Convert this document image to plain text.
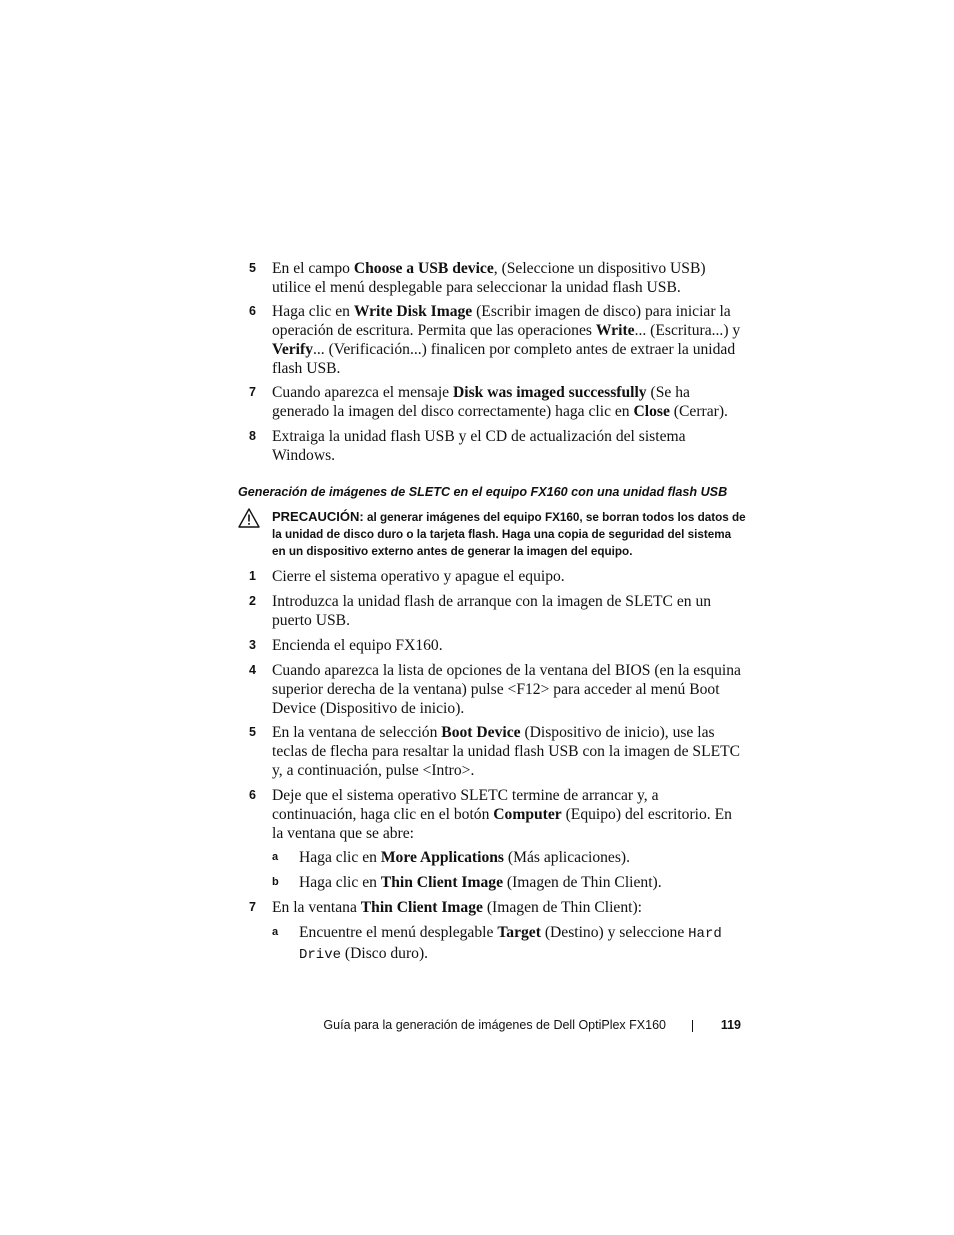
5 En el campo Choose a USB device, (Seleccione un dispositivo USB) utilice el menú desplegable para seleccionar la unidad flash USB.
6 Haga clic en Write Disk Image (Escribir imagen de disco) para iniciar la operación de escritura. Permita que las operaciones Write... (Escritura...) y Verify... (Verificación...) finalicen por completo antes de extraer la unidad flash USB.
7 Cuando aparezca el mensaje Disk was imaged successfully (Se ha generado la imagen del disco correctamente) haga clic en Close (Cerrar).
8 Extraiga la unidad flash USB y el CD de actualización del sistema Windows.
Generación de imágenes de SLETC en el equipo FX160 con una unidad flash USB
PRECAUCIÓN: al generar imágenes del equipo FX160, se borran todos los datos de la unidad de disco duro o la tarjeta flash. Haga una copia de seguridad del sistema en un dispositivo externo antes de generar la imagen del equipo.
1 Cierre el sistema operativo y apague el equipo.
2 Introduzca la unidad flash de arranque con la imagen de SLETC en un puerto USB.
3 Encienda el equipo FX160.
4 Cuando aparezca la lista de opciones de la ventana del BIOS (en la esquina superior derecha de la ventana) pulse <F12> para acceder al menú Boot Device (Dispositivo de inicio).
5 En la ventana de selección Boot Device (Dispositivo de inicio), use las teclas de flecha para resaltar la unidad flash USB con la imagen de SLETC y, a continuación, pulse <Intro>.
6 Deje que el sistema operativo SLETC termine de arrancar y, a continuación, haga clic en el botón Computer (Equipo) del escritorio. En la ventana que se abre:
a Haga clic en More Applications (Más aplicaciones).
b Haga clic en Thin Client Image (Imagen de Thin Client).
7 En la ventana Thin Client Image (Imagen de Thin Client):
a Encuentre el menú desplegable Target (Destino) y seleccione Hard Drive (Disco duro).
Guía para la generación de imágenes de Dell OptiPlex FX160	119
